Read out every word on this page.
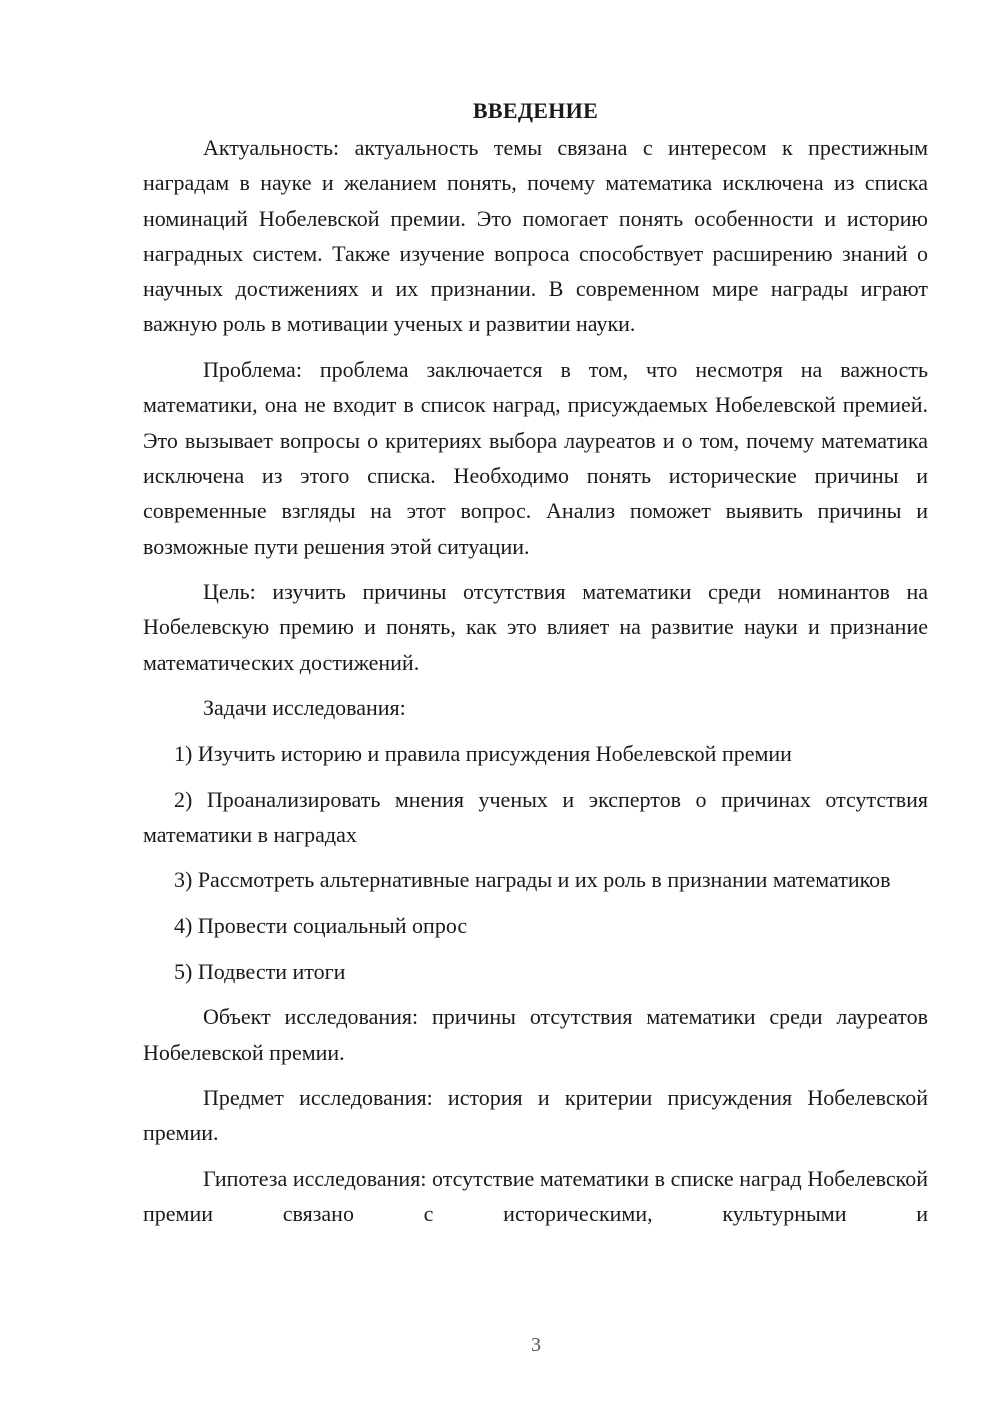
ВВЕДЕНИЕ

Актуальность: актуальность темы связана с интересом к престижным наградам в науке и желанием понять, почему математика исключена из списка номинаций Нобелевской премии. Это помогает понять особенности и историю наградных систем. Также изучение вопроса способствует расширению знаний о научных достижениях и их признании. В современном мире награды играют важную роль в мотивации ученых и развитии науки.

Проблема: проблема заключается в том, что несмотря на важность математики, она не входит в список наград, присуждаемых Нобелевской премией. Это вызывает вопросы о критериях выбора лауреатов и о том, почему математика исключена из этого списка. Необходимо понять исторические причины и современные взгляды на этот вопрос. Анализ поможет выявить причины и возможные пути решения этой ситуации.

Цель: изучить причины отсутствия математики среди номинантов на Нобелевскую премию и понять, как это влияет на развитие науки и признание математических достижений.

Задачи исследования:

1) Изучить историю и правила присуждения Нобелевской премии

2) Проанализировать мнения ученых и экспертов о причинах отсутствия математики в наградах

3) Рассмотреть альтернативные награды и их роль в признании математиков

4) Провести социальный опрос

5) Подвести итоги

Объект исследования: причины отсутствия математики среди лауреатов Нобелевской премии.

Предмет исследования: история и критерии присуждения Нобелевской премии.

Гипотеза исследования: отсутствие математики в списке наград Нобелевской премии связано с историческими, культурными и

3
